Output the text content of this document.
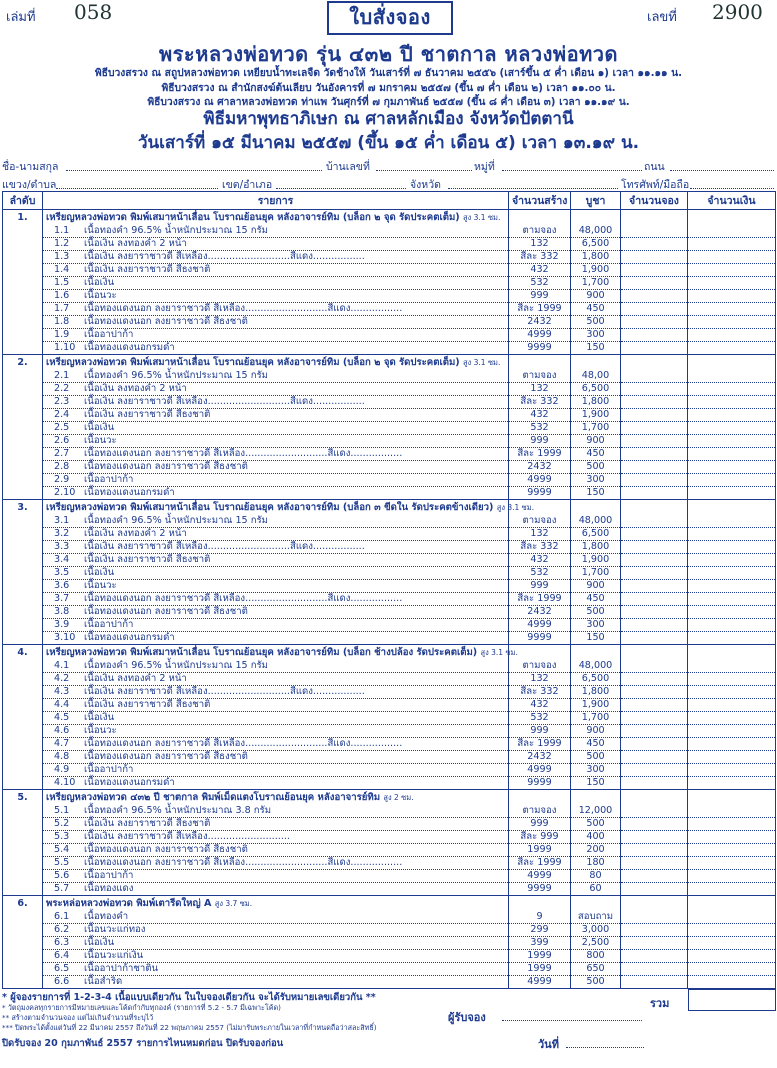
เล่มที่ 058	ใบสั่งจอง	เลขที่ 2900
พระหลวงพ่อทวด รุ่น ๔๓๒ ปี ชาตกาล หลวงพ่อทวด
พิธีบวงสรวง ณ สถูปหลวงพ่อทวด เหยียบน้ำทะเลจืด วัดช้างให้ วันเสาร์ที่ ๗ ธันวาคม ๒๕๕๖ (เสาร์ขึ้น ๕ ค่ำ เดือน ๑) เวลา ๑๑.๑๑ น.
พิธีบวงสรวง ณ สำนักสงฆ์ต้นเลียบ วันอังคารที่ ๗ มกราคม ๒๕๕๗ (ขึ้น ๗ ค่ำ เดือน ๒) เวลา ๑๑.๐๐ น.
พิธีบวงสรวง ณ ศาลาหลวงพ่อทวด ท่าแพ วันศุกร์ที่ ๗ กุมภาพันธ์ ๒๕๕๗ (ขึ้น ๘ ค่ำ เดือน ๓) เวลา ๑๑.๑๙ น.
พิธีมหาพุทธาภิเษก ณ ศาลหลักเมือง จังหวัดปัตตานี
วันเสาร์ที่ ๑๕ มีนาคม ๒๕๕๗ (ขึ้น ๑๕ ค่ำ เดือน ๕) เวลา ๑๓.๑๙ น.
ชื่อ-นามสกุล	บ้านเลขที่	หมู่ที่	ถนน
แขวง/ตำบล	เขต/อำเภอ	จังหวัด	โทรศัพท์/มือถือ
ลำดับ	รายการ	จำนวนสร้าง	บูชา	จำนวนจอง	จำนวนเงิน
1.	เหรียญหลวงพ่อทวด พิมพ์เสมาหน้าเลื่อน โบราณย้อนยุค หลังอาจารย์ทิม (บล็อก ๒ จุด รัดประคตเต็ม) สูง 3.1 ซม.				
	1.1 เนื้อทองคำ 96.5% น้ำหนักประมาณ 15 กรัม	ตามจอง	48,000		
	1.2 เนื้อเงิน ลงทองคำ 2 หน้า	132	6,500		
	1.3 เนื้อเงิน ลงยาราชาวดี สีเหลือง...........................สีแดง.................	สีละ 332	1,800		
	1.4 เนื้อเงิน ลงยาราชาวดี สีธงชาติ	432	1,900		
	1.5 เนื้อเงิน	532	1,700		
	1.6 เนื้อนวะ	999	900		
	1.7 เนื้อทองแดงนอก ลงยาราชาวดี สีเหลือง...........................สีแดง.................	สีละ 1999	450		
	1.8 เนื้อทองแดงนอก ลงยาราชาวดี สีธงชาติ	2432	500		
	1.9 เนื้ออาปาก้า	4999	300		
	1.10 เนื้อทองแดงนอกรมดำ	9999	150		
2.	เหรียญหลวงพ่อทวด พิมพ์เสมาหน้าเลื่อน โบราณย้อนยุค หลังอาจารย์ทิม (บล็อก ๒ จุด รัดประคตเต็ม) สูง 3.1 ซม.				
	2.1 เนื้อทองคำ 96.5% น้ำหนักประมาณ 15 กรัม	ตามจอง	48,00		
	2.2 เนื้อเงิน ลงทองคำ 2 หน้า	132	6,500		
	2.3 เนื้อเงิน ลงยาราชาวดี สีเหลือง...........................สีแดง.................	สีละ 332	1,800		
	2.4 เนื้อเงิน ลงยาราชาวดี สีธงชาติ	432	1,900		
	2.5 เนื้อเงิน	532	1,700		
	2.6 เนื้อนวะ	999	900		
	2.7 เนื้อทองแดงนอก ลงยาราชาวดี สีเหลือง...........................สีแดง.................	สีละ 1999	450		
	2.8 เนื้อทองแดงนอก ลงยาราชาวดี สีธงชาติ	2432	500		
	2.9 เนื้ออาปาก้า	4999	300		
	2.10 เนื้อทองแดงนอกรมดำ	9999	150		
3.	เหรียญหลวงพ่อทวด พิมพ์เสมาหน้าเลื่อน โบราณย้อนยุค หลังอาจารย์ทิม (บล็อก ๓ ขีดใน รัดประคตข้างเดียว) สูง 3.1 ซม.				
	3.1 เนื้อทองคำ 96.5% น้ำหนักประมาณ 15 กรัม	ตามจอง	48,000		
	3.2 เนื้อเงิน ลงทองคำ 2 หน้า	132	6,500		
	3.3 เนื้อเงิน ลงยาราชาวดี สีเหลือง...........................สีแดง.................	สีละ 332	1,800		
	3.4 เนื้อเงิน ลงยาราชาวดี สีธงชาติ	432	1,900		
	3.5 เนื้อเงิน	532	1,700		
	3.6 เนื้อนวะ	999	900		
	3.7 เนื้อทองแดงนอก ลงยาราชาวดี สีเหลือง...........................สีแดง.................	สีละ 1999	450		
	3.8 เนื้อทองแดงนอก ลงยาราชาวดี สีธงชาติ	2432	500		
	3.9 เนื้ออาปาก้า	4999	300		
	3.10 เนื้อทองแดงนอกรมดำ	9999	150		
4.	เหรียญหลวงพ่อทวด พิมพ์เสมาหน้าเลื่อน โบราณย้อนยุค หลังอาจารย์ทิม (บล็อก ช้างปล้อง รัดประคตเต็ม) สูง 3.1 ซม.				
	4.1 เนื้อทองคำ 96.5% น้ำหนักประมาณ 15 กรัม	ตามจอง	48,000		
	4.2 เนื้อเงิน ลงทองคำ 2 หน้า	132	6,500		
	4.3 เนื้อเงิน ลงยาราชาวดี สีเหลือง...........................สีแดง.................	สีละ 332	1,800		
	4.4 เนื้อเงิน ลงยาราชาวดี สีธงชาติ	432	1,900		
	4.5 เนื้อเงิน	532	1,700		
	4.6 เนื้อนวะ	999	900		
	4.7 เนื้อทองแดงนอก ลงยาราชาวดี สีเหลือง...........................สีแดง.................	สีละ 1999	450		
	4.8 เนื้อทองแดงนอก ลงยาราชาวดี สีธงชาติ	2432	500		
	4.9 เนื้ออาปาก้า	4999	300		
	4.10 เนื้อทองแดงนอกรมดำ	9999	150		
5.	เหรียญหลวงพ่อทวด ๔๓๒ ปี ชาตกาล พิมพ์เม็ดแตงโบราณย้อนยุค หลังอาจารย์ทิม สูง 2 ซม.				
	5.1 เนื้อทองคำ 96.5% น้ำหนักประมาณ 3.8 กรัม	ตามจอง	12,000		
	5.2 เนื้อเงิน ลงยาราชาวดี สีธงชาติ	999	500		
	5.3 เนื้อเงิน ลงยาราชาวดี สีเหลือง...........................	สีละ 999	400		
	5.4 เนื้อทองแดงนอก ลงยาราชาวดี สีธงชาติ	1999	200		
	5.5 เนื้อทองแดงนอก ลงยาราชาวดี สีเหลือง...........................สีแดง.................	สีละ 1999	180		
	5.6 เนื้ออาปาก้า	4999	80		
	5.7 เนื้อทองแดง	9999	60		
6.	พระหล่อหลวงพ่อทวด พิมพ์เตารีดใหญ่ A สูง 3.7 ซม.				
	6.1 เนื้อทองคำ	9	สอบถาม		
	6.2 เนื้อนวะแก่ทอง	299	3,000		
	6.3 เนื้อเงิน	399	2,500		
	6.4 เนื้อนวะแก่เงิน	1999	800		
	6.5 เนื้ออาปาก้าชาติน	1999	650		
	6.6 เนื้อสำริด	4999	500		

* ผู้จองรายการที่ 1-2-3-4 เนื้อแบบเดียวกัน ในใบจองเดียวกัน จะได้รับหมายเลขเดียวกัน **
* วัตถุมงคลทุกรายการมีหมายเลขและโค้ดกำกับทุกองค์ (รายการที่ 5.2 - 5.7 มีเฉพาะโค้ด)
** สร้างตามจำนวนจอง แต่ไม่เกินจำนวนที่ระบุไว้
*** ปิดพระได้ตั้งแต่วันที่ 22 มีนาคม 2557 ถึงวันที่ 22 พฤษภาคม 2557 (ไม่มารับพระภายในเวลาที่กำหนดถือว่าสละสิทธิ์)
ปิดรับจอง 20 กุมภาพันธ์ 2557 รายการไหนหมดก่อน ปิดรับจองก่อน
รวม
ผู้รับจอง
วันที่
